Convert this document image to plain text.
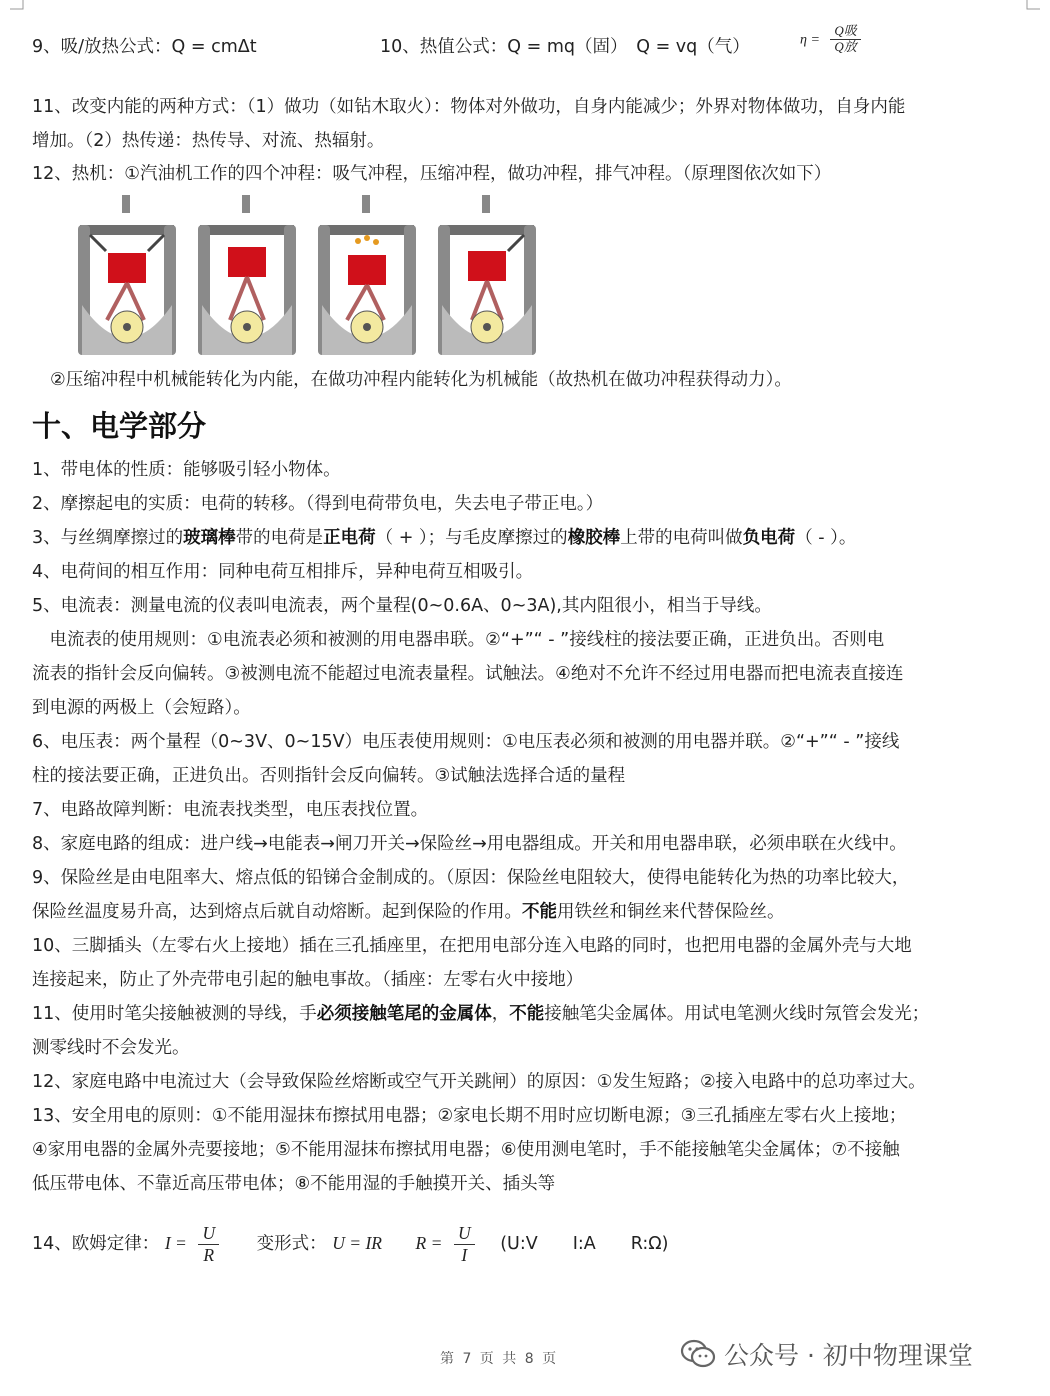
9、吸/放热公式：Q = cmΔt	10、热值公式：Q = mq（固）　Q = vq（气）	$\eta = \frac{\text{Q吸}}{\text{Q放}}$
11、改变内能的两种方式：（1）做功（如钻木取火）：物体对外做功，自身内能减少；外界对物体做功，自身内能
增加。（2）热传递：热传导、对流、热辐射。
12、热机：①汽油机工作的四个冲程：吸气冲程，压缩冲程，做功冲程，排气冲程。（原理图依次如下）
②压缩冲程中机械能转化为内能，在做功冲程内能转化为机械能（故热机在做功冲程获得动力）。
十、电学部分
1、带电体的性质：能够吸引轻小物体。
2、摩擦起电的实质：电荷的转移。（得到电荷带负电，失去电子带正电。）
3、与丝绸摩擦过的玻璃棒带的电荷是正电荷（ + ）；与毛皮摩擦过的橡胶棒上带的电荷叫做负电荷（ - ）。
4、电荷间的相互作用：同种电荷互相排斥，异种电荷互相吸引。
5、电流表：测量电流的仪表叫电流表，两个量程(0~0.6A、0~3A),其内阻很小，相当于导线。
　电流表的使用规则：①电流表必须和被测的用电器串联。②“+”“ - ”接线柱的接法要正确，正进负出。否则电
流表的指针会反向偏转。③被测电流不能超过电流表量程。试触法。④绝对不允许不经过用电器而把电流表直接连
到电源的两极上（会短路）。
6、电压表：两个量程（0~3V、0~15V）电压表使用规则：①电压表必须和被测的用电器并联。②“+”“ - ”接线
柱的接法要正确，正进负出。否则指针会反向偏转。③试触法选择合适的量程
7、电路故障判断：电流表找类型，电压表找位置。
8、家庭电路的组成：进户线→电能表→闸刀开关→保险丝→用电器组成。开关和用电器串联，必须串联在火线中。
9、保险丝是由电阻率大、熔点低的铅锑合金制成的。（原因：保险丝电阻较大，使得电能转化为热的功率比较大，
保险丝温度易升高，达到熔点后就自动熔断。起到保险的作用。不能用铁丝和铜丝来代替保险丝。
10、三脚插头（左零右火上接地）插在三孔插座里，在把用电部分连入电路的同时，也把用电器的金属外壳与大地
连接起来，防止了外壳带电引起的触电事故。（插座：左零右火中接地）
11、使用时笔尖接触被测的导线，手必须接触笔尾的金属体，不能接触笔尖金属体。用试电笔测火线时氖管会发光；
测零线时不会发光。
12、家庭电路中电流过大（会导致保险丝熔断或空气开关跳闸）的原因：①发生短路；②接入电路中的总功率过大。
13、安全用电的原则：①不能用湿抹布擦拭用电器；②家电长期不用时应切断电源；③三孔插座左零右火上接地；
④家用电器的金属外壳要接地；⑤不能用湿抹布擦拭用电器；⑥使用测电笔时，手不能接触笔尖金属体；⑦不接触
低压带电体、不靠近高压带电体；⑧不能用湿的手触摸开关、插头等
14、欧姆定律： $I = \frac{U}{R}$ 变形式： U = IR $R = \frac{U}{I}$ (U:V　　I:A　　R:Ω)
第 7 页 共 8 页	公众号 · 初中物理课堂
